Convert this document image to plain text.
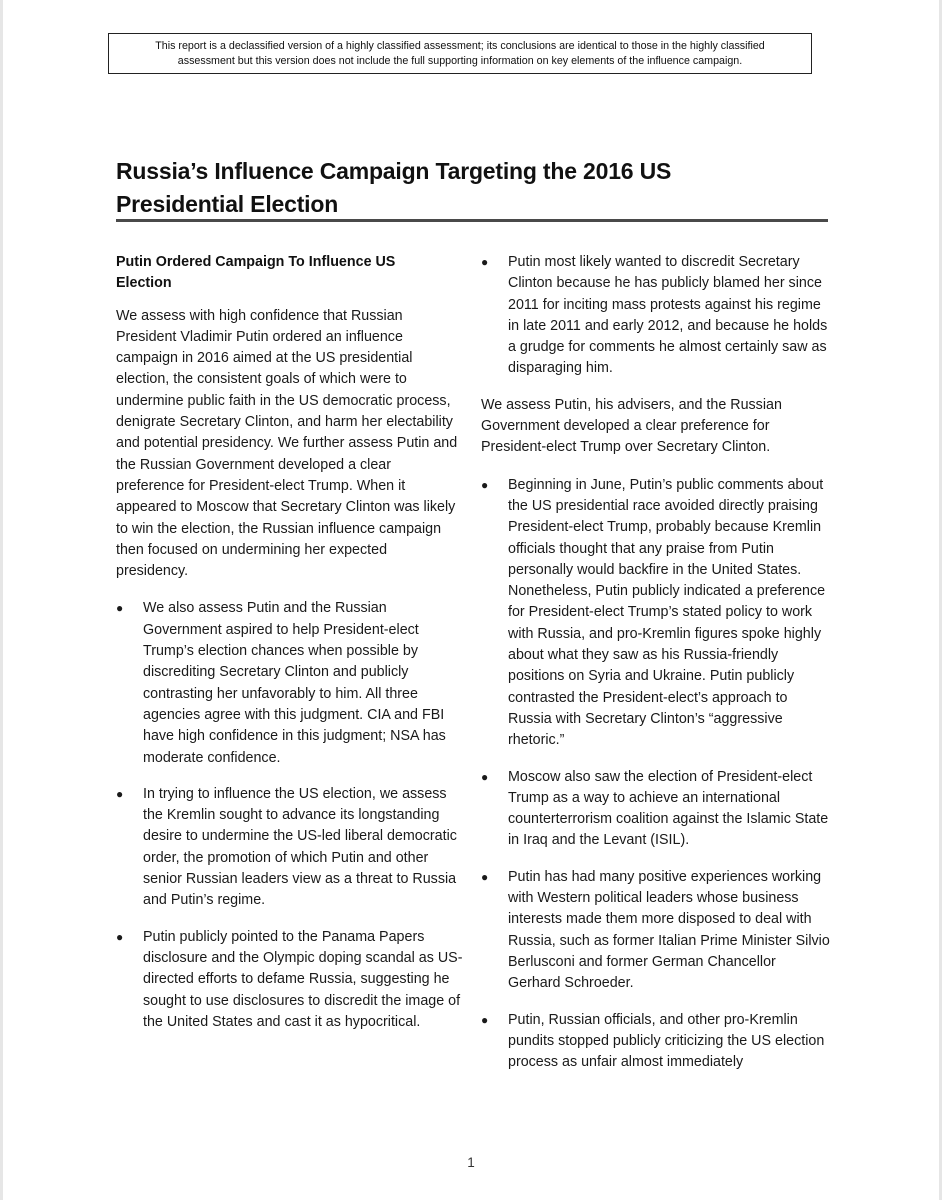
This report is a declassified version of a highly classified assessment; its conclusions are identical to those in the highly classified
assessment but this version does not include the full supporting information on key elements of the influence campaign.
Russia’s Influence Campaign Targeting the 2016 US
Presidential Election
Putin Ordered Campaign To Influence US
Election

We assess with high confidence that Russian President Vladimir Putin ordered an influence campaign in 2016 aimed at the US presidential election, the consistent goals of which were to undermine public faith in the US democratic process, denigrate Secretary Clinton, and harm her electability and potential presidency. We further assess Putin and the Russian Government developed a clear preference for President-elect Trump. When it appeared to Moscow that Secretary Clinton was likely to win the election, the Russian influence campaign then focused on undermining her expected presidency.

● We also assess Putin and the Russian Government aspired to help President-elect Trump’s election chances when possible by discrediting Secretary Clinton and publicly contrasting her unfavorably to him. All three agencies agree with this judgment. CIA and FBI have high confidence in this judgment; NSA has moderate confidence.
● In trying to influence the US election, we assess the Kremlin sought to advance its longstanding desire to undermine the US-led liberal democratic order, the promotion of which Putin and other senior Russian leaders view as a threat to Russia and Putin’s regime.
● Putin publicly pointed to the Panama Papers disclosure and the Olympic doping scandal as US-directed efforts to defame Russia, suggesting he sought to use disclosures to discredit the image of the United States and cast it as hypocritical.
● Putin most likely wanted to discredit Secretary Clinton because he has publicly blamed her since 2011 for inciting mass protests against his regime in late 2011 and early 2012, and because he holds a grudge for comments he almost certainly saw as disparaging him.

We assess Putin, his advisers, and the Russian Government developed a clear preference for President-elect Trump over Secretary Clinton.

● Beginning in June, Putin’s public comments about the US presidential race avoided directly praising President-elect Trump, probably because Kremlin officials thought that any praise from Putin personally would backfire in the United States. Nonetheless, Putin publicly indicated a preference for President-elect Trump’s stated policy to work with Russia, and pro-Kremlin figures spoke highly about what they saw as his Russia-friendly positions on Syria and Ukraine. Putin publicly contrasted the President-elect’s approach to Russia with Secretary Clinton’s “aggressive rhetoric.”
● Moscow also saw the election of President-elect Trump as a way to achieve an international counterterrorism coalition against the Islamic State in Iraq and the Levant (ISIL).
● Putin has had many positive experiences working with Western political leaders whose business interests made them more disposed to deal with Russia, such as former Italian Prime Minister Silvio Berlusconi and former German Chancellor Gerhard Schroeder.
● Putin, Russian officials, and other pro-Kremlin pundits stopped publicly criticizing the US election process as unfair almost immediately
1
